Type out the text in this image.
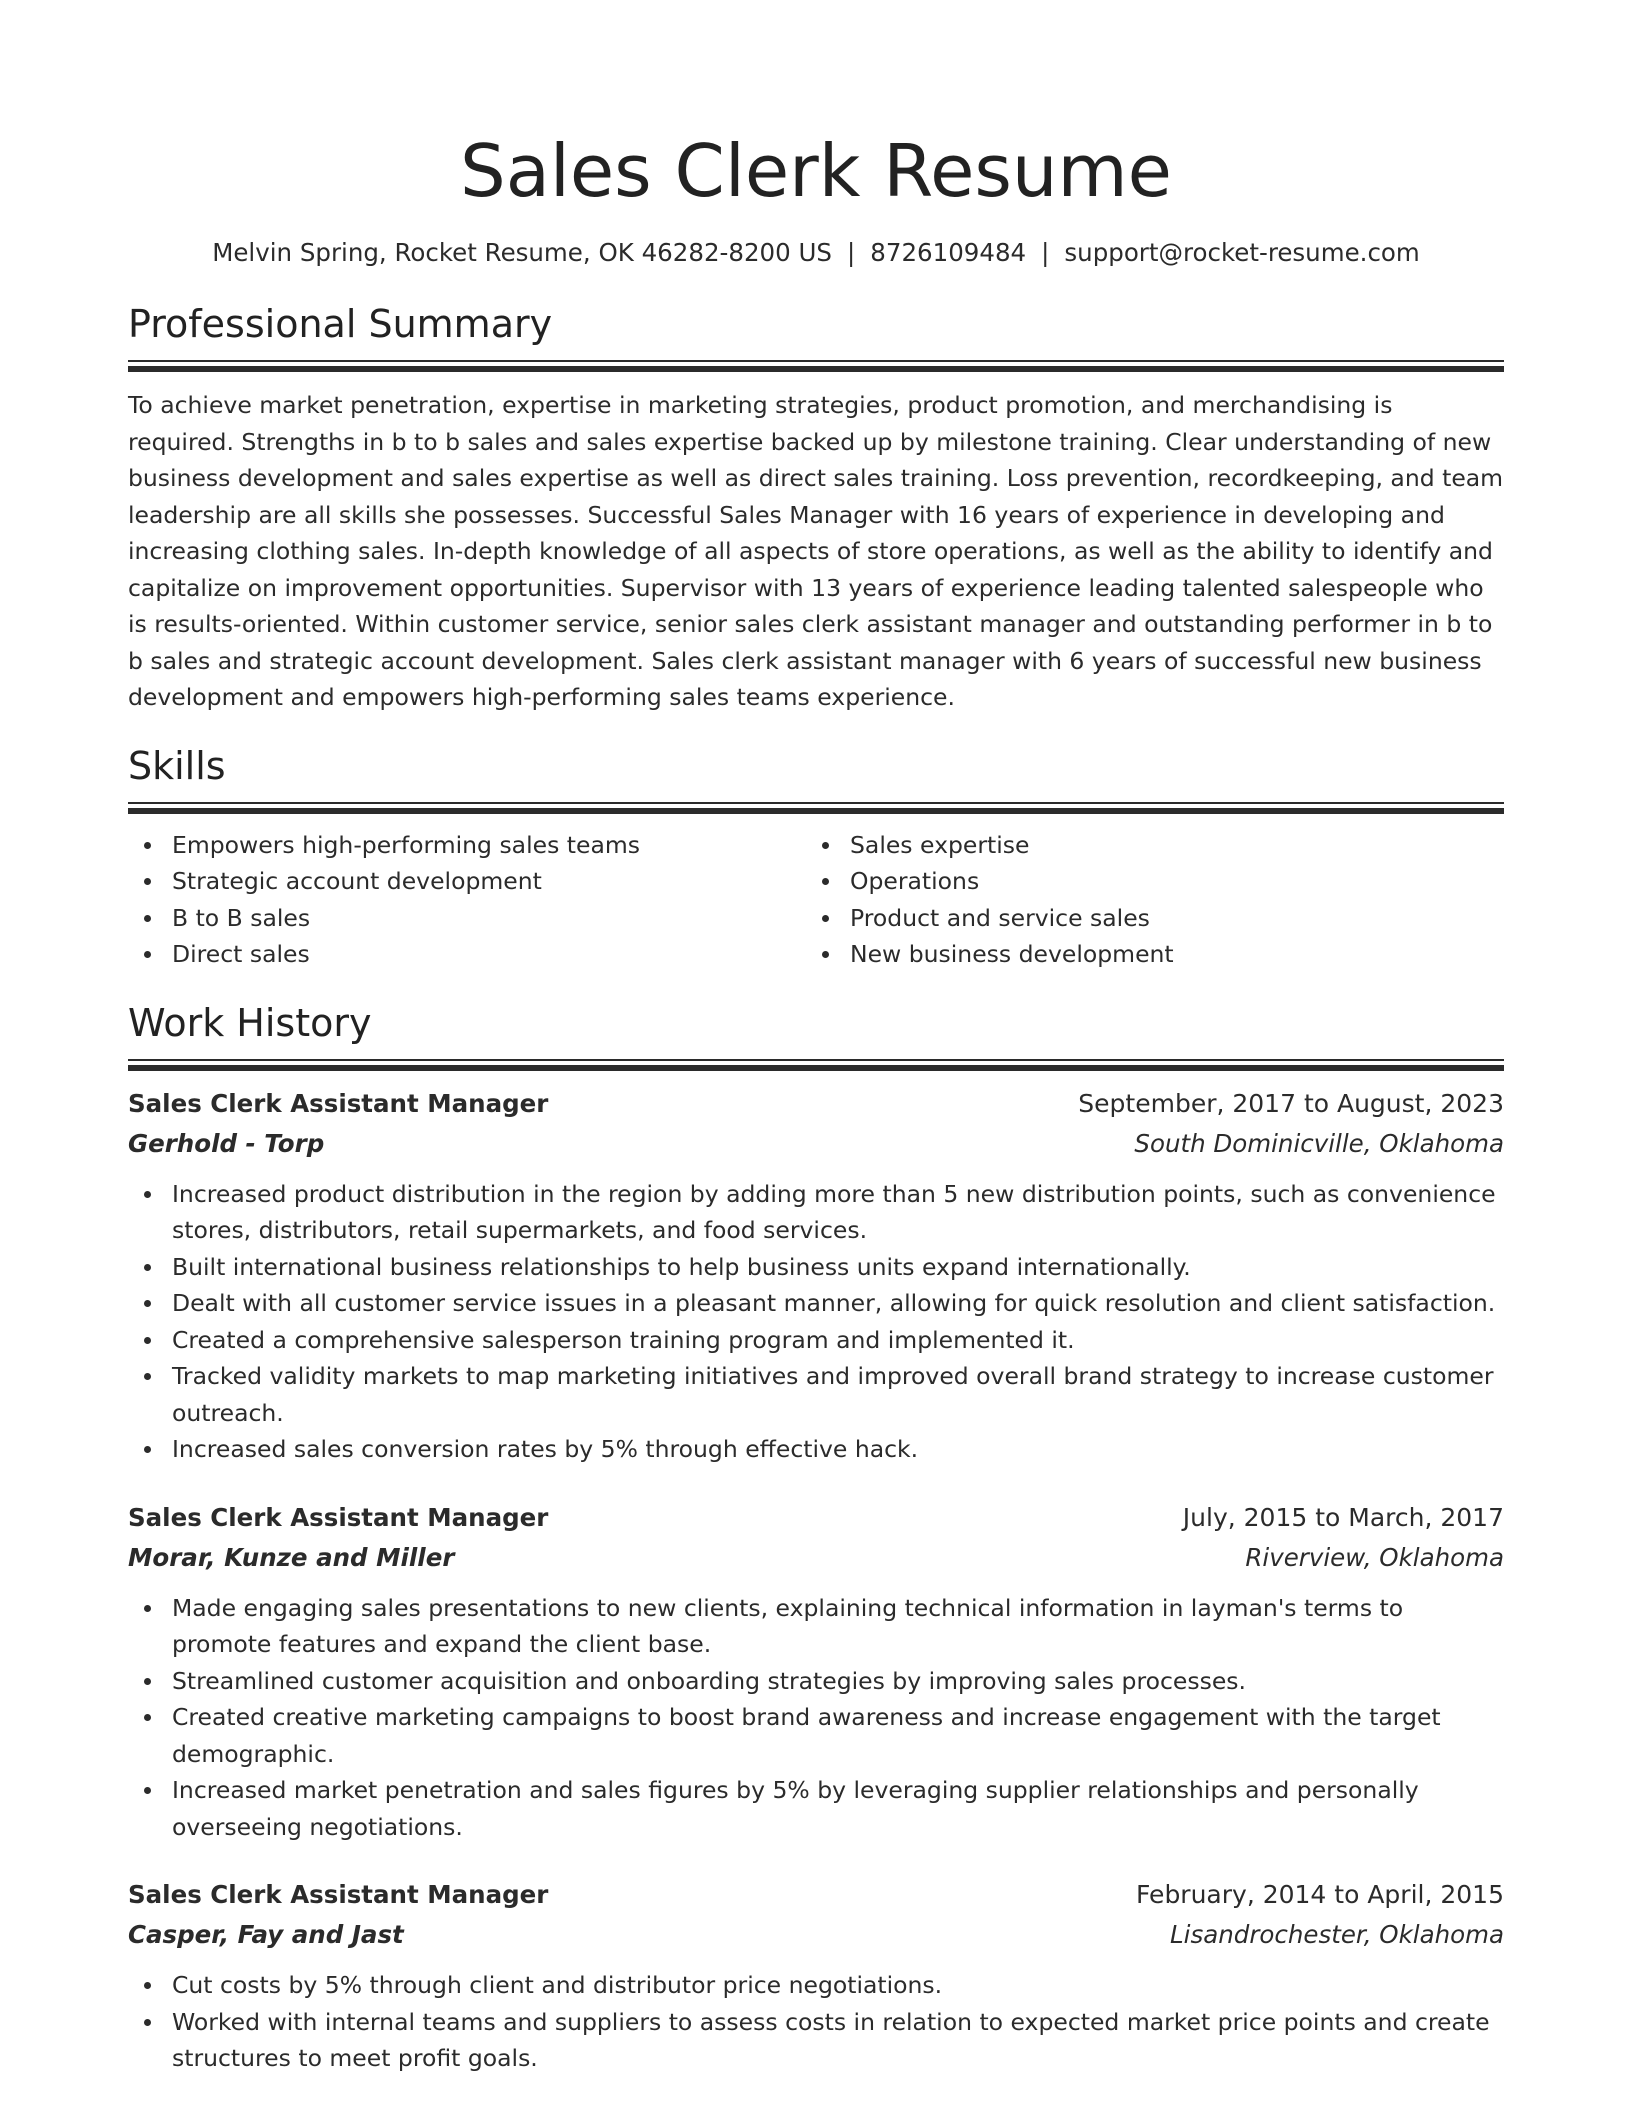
Sales Clerk Resume
Melvin Spring, Rocket Resume, OK 46282-8200 US | 8726109484 | support@rocket-resume.com
Professional Summary

To achieve market penetration, expertise in marketing strategies, product promotion, and merchandising is required. Strengths in b to b sales and sales expertise backed up by milestone training. Clear understanding of new business development and sales expertise as well as direct sales training. Loss prevention, recordkeeping, and team leadership are all skills she possesses. Successful Sales Manager with 16 years of experience in developing and increasing clothing sales. In-depth knowledge of all aspects of store operations, as well as the ability to identify and capitalize on improvement opportunities. Supervisor with 13 years of experience leading talented salespeople who is results-oriented. Within customer service, senior sales clerk assistant manager and outstanding performer in b to b sales and strategic account development. Sales clerk assistant manager with 6 years of successful new business development and empowers high-performing sales teams experience.

Skills
Empowers high-performing sales teams
Strategic account development
B to B sales
Direct sales
Sales expertise
Operations
Product and service sales
New business development
Work History
Sales Clerk Assistant Manager	September, 2017 to August, 2023
Gerhold - Torp	South Dominicville, Oklahoma
Increased product distribution in the region by adding more than 5 new distribution points, such as convenience stores, distributors, retail supermarkets, and food services.
Built international business relationships to help business units expand internationally.
Dealt with all customer service issues in a pleasant manner, allowing for quick resolution and client satisfaction.
Created a comprehensive salesperson training program and implemented it.
Tracked validity markets to map marketing initiatives and improved overall brand strategy to increase customer outreach.
Increased sales conversion rates by 5% through effective hack.
Sales Clerk Assistant Manager	July, 2015 to March, 2017
Morar, Kunze and Miller	Riverview, Oklahoma
Made engaging sales presentations to new clients, explaining technical information in layman's terms to promote features and expand the client base.
Streamlined customer acquisition and onboarding strategies by improving sales processes.
Created creative marketing campaigns to boost brand awareness and increase engagement with the target demographic.
Increased market penetration and sales figures by 5% by leveraging supplier relationships and personally overseeing negotiations.
Sales Clerk Assistant Manager	February, 2014 to April, 2015
Casper, Fay and Jast	Lisandrochester, Oklahoma
Cut costs by 5% through client and distributor price negotiations.
Worked with internal teams and suppliers to assess costs in relation to expected market price points and create structures to meet profit goals.
